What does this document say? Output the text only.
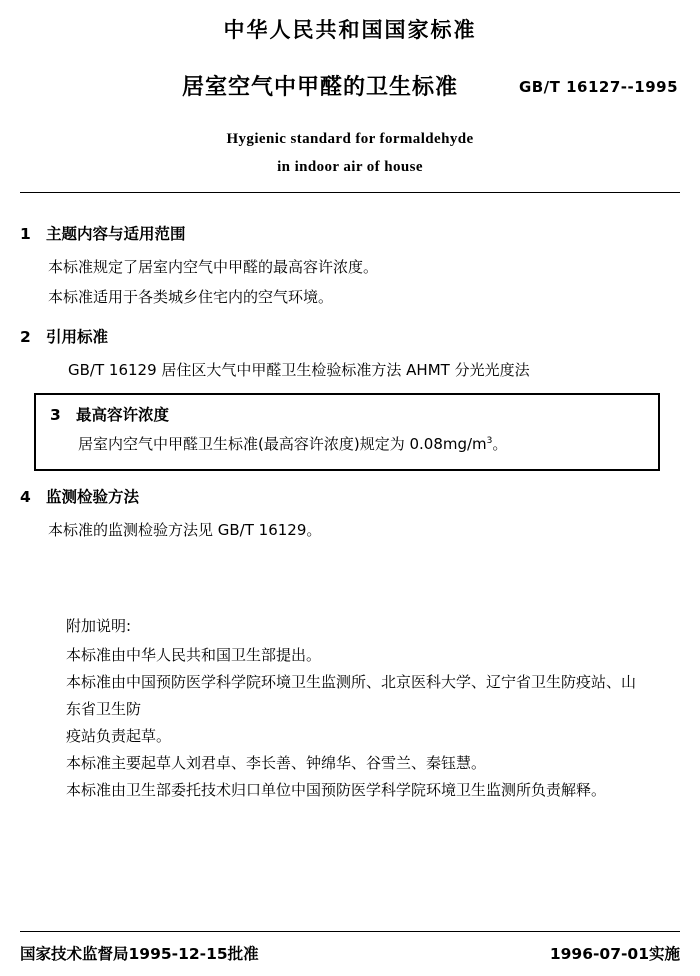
中华人民共和国国家标准
居室空气中甲醛的卫生标准	GB/T 16127--1995
Hygienic standard for formaldehyde
in indoor air of house
1 主题内容与适用范围
本标准规定了居室内空气中甲醛的最高容许浓度。
本标准适用于各类城乡住宅内的空气环境。
2 引用标准
GB/T 16129 居住区大气中甲醛卫生检验标准方法 AHMT 分光光度法
3 最高容许浓度
居室内空气中甲醛卫生标准(最高容许浓度)规定为 $0.08mg/m^3$。
4 监测检验方法
本标准的监测检验方法见 GB/T 16129。
附加说明:
本标准由中华人民共和国卫生部提出。
本标准由中国预防医学科学院环境卫生监测所、北京医科大学、辽宁省卫生防疫站、山东省卫生防
疫站负责起草。
本标准主要起草人刘君卓、李长善、钟绵华、谷雪兰、秦钰慧。
本标准由卫生部委托技术归口单位中国预防医学科学院环境卫生监测所负责解释。
国家技术监督局1995-12-15批准	1996-07-01实施
